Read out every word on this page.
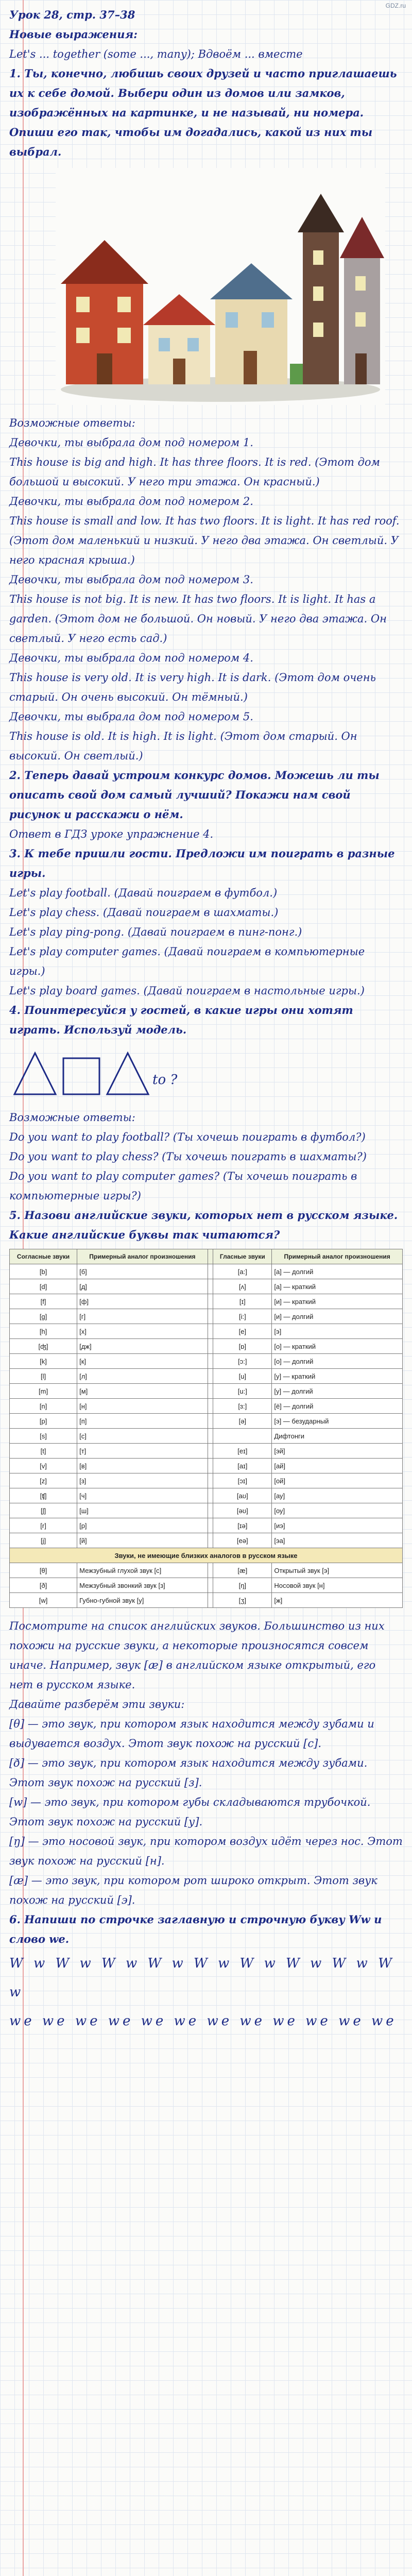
GDZ.ru

Урок 28, стр. 37–38

Новые выражения:

Let's ... together (some ..., many); Вдвоём ... вместе

1. Ты, конечно, любишь своих друзей и часто приглашаешь их к себе домой. Выбери один из домов или замков, изображённых на картинке, и не называй, ни номера. Опиши его так, чтобы им догадались, какой из них ты выбрал.

Возможные ответы:

Девочки, ты выбрала дом под номером 1.

This house is big and high. It has three floors. It is red. (Этот дом большой и высокий. У него три этажа. Он красный.)

Девочки, ты выбрала дом под номером 2.

This house is small and low. It has two floors. It is light. It has red roof. (Этот дом маленький и низкий. У него два этажа. Он светлый. У него красная крыша.)

Девочки, ты выбрала дом под номером 3.

This house is not big. It is new. It has two floors. It is light. It has a garden. (Этот дом не большой. Он новый. У него два этажа. Он светлый. У него есть сад.)

Девочки, ты выбрала дом под номером 4.

This house is very old. It is very high. It is dark. (Этот дом очень старый. Он очень высокий. Он тёмный.)

Девочки, ты выбрала дом под номером 5.

This house is old. It is high. It is light. (Этот дом старый. Он высокий. Он светлый.)

2. Теперь давай устроим конкурс домов. Можешь ли ты описать свой дом самый лучший? Покажи нам свой рисунок и расскажи о нём.

Ответ в ГДЗ уроке упражнение 4.

3. К тебе пришли гости. Предложи им поиграть в разные игры.

Let's play football. (Давай поиграем в футбол.)

Let's play chess. (Давай поиграем в шахматы.)

Let's play ping-pong. (Давай поиграем в пинг-понг.)

Let's play computer games. (Давай поиграем в компьютерные игры.)

Let's play board games. (Давай поиграем в настольные игры.)

4. Поинтересуйся у гостей, в какие игры они хотят играть. Используй модель.

to ?

Возможные ответы:

Do you want to play football? (Ты хочешь поиграть в футбол?)

Do you want to play chess? (Ты хочешь поиграть в шахматы?)

Do you want to play computer games? (Ты хочешь поиграть в компьютерные игры?)

5. Назови английские звуки, которых нет в русском языке. Какие английские буквы так читаются?

Согласные звуки	Примерный аналог произношения		Гласные звуки	Примерный аналог произношения
[b]	[б]		[a:]	[а] — долгий
[d]	[д]		[ʌ]	[а] — краткий
[f]	[ф]		[ɪ]	[и] — краткий
[g]	[г]		[i:]	[и] — долгий
[h]	[х]		[e]	[э]
[ʤ]	[дж]		[ɒ]	[о] — краткий
[k]	[к]		[ɔ:]	[о] — долгий
[l]	[л]		[u]	[у] — краткий
[m]	[м]		[u:]	[у] — долгий
[n]	[н]		[ɜ:]	[ё] — долгий
[p]	[п]		[ə]	[э] — безударный
[s]	[с]			Дифтонги
[t]	[т]		[eɪ]	[эй]
[v]	[в]		[aɪ]	[ай]
[z]	[з]		[ɔɪ]	[ой]
[ʧ]	[ч]		[aʊ]	[ау]
[ʃ]	[ш]		[əʊ]	[оу]
[r]	[р]		[ɪə]	[иэ]
[j]	[й]		[eə]	[эа]
Звуки, не имеющие близких аналогов в русском языке				
[θ]	Межзубный глухой звук [с]		[æ]	Открытый звук [э]
[ð]	Межзубный звонкий звук [з]		[ŋ]	Носовой звук [н]
[w]	Губно-губной звук [у]		[ʒ]	[ж]

Посмотрите на список английских звуков. Большинство из них похожи на русские звуки, а некоторые произносятся совсем иначе. Например, звук [æ] в английском языке открытый, его нет в русском языке.

Давайте разберём эти звуки:

[θ] — это звук, при котором язык находится между зубами и выдувается воздух. Этот звук похож на русский [с].

[ð] — это звук, при котором язык находится между зубами. Этот звук похож на русский [з].

[w] — это звук, при котором губы складываются трубочкой. Этот звук похож на русский [у].

[ŋ] — это носовой звук, при котором воздух идёт через нос. Этот звук похож на русский [н].

[æ] — это звук, при котором рот широко открыт. Этот звук похож на русский [э].

6. Напиши по строчке заглавную и строчную букву Ww и слово we.

W w W w W w W w W w W w W w W w W w

we we we we we we we we we we we we
